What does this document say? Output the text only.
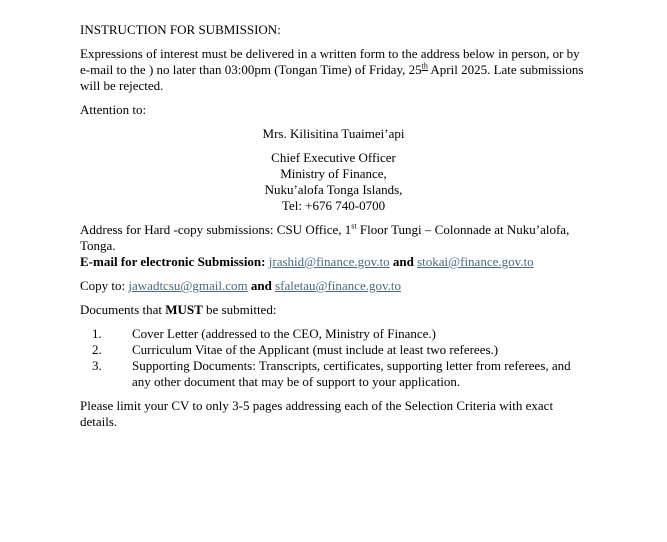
INSTRUCTION FOR SUBMISSION:

Expressions of interest must be delivered in a written form to the address below in person, or by e-mail to the ) no later than 03:00pm (Tongan Time) of Friday, 25th April 2025. Late submissions will be rejected.

Attention to:

Mrs. Kilisitina Tuaimei’api

Chief Executive Officer
Ministry of Finance,
Nuku’alofa Tonga Islands,
Tel: +676 740-0700

Address for Hard -copy submissions: CSU Office, 1st Floor Tungi – Colonnade at Nuku’alofa, Tonga.
E-mail for electronic Submission: jrashid@finance.gov.to and stokai@finance.gov.to

Copy to: jawadtcsu@gmail.com and sfaletau@finance.gov.to

Documents that MUST be submitted:

1.	Cover Letter (addressed to the CEO, Ministry of Finance.)
2.	Curriculum Vitae of the Applicant (must include at least two referees.)
3.	Supporting Documents: Transcripts, certificates, supporting letter from referees, and any other document that may be of support to your application.

Please limit your CV to only 3-5 pages addressing each of the Selection Criteria with exact details.
